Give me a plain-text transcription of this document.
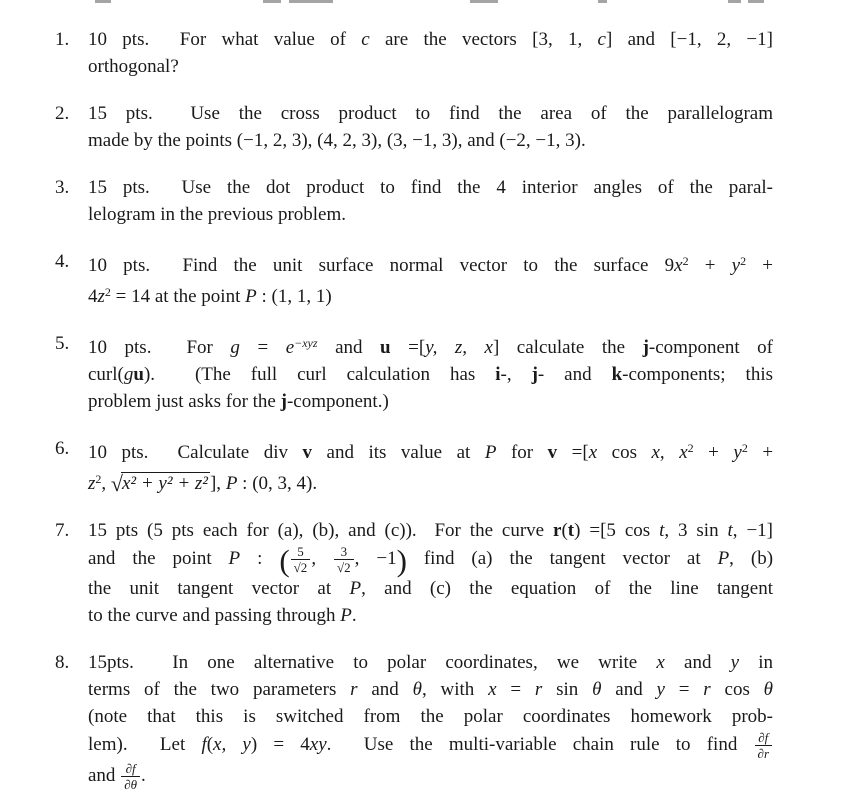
1. 10 pts.  For what value of c are the vectors [3, 1, c] and [−1, 2, −1]
orthogonal?
2. 15 pts.  Use the cross product to find the area of the parallelogram
made by the points (−1, 2, 3), (4, 2, 3), (3, −1, 3), and (−2, −1, 3).
3. 15 pts.  Use the dot product to find the 4 interior angles of the paral-
lelogram in the previous problem.
4. 10 pts.  Find the unit surface normal vector to the surface $9x^2 + y^2$ +
$4z^2 = 14$ at the point P : (1, 1, 1)
5. 10 pts.  For $g = e^{-xyz}$ and u =[y, z, x] calculate the j-component of
curl(gu).  (The full curl calculation has i-, j- and k-components; this
problem just asks for the j-component.)
6. 10 pts.  Calculate div v and its value at P for v =[x cos x, $x^2 + y^2$ +
$z^2$, √x² + y² + z² ], P : (0, 3, 4).
7. 15 pts (5 pts each for (a), (b), and (c)).  For the curve r(t) =[5 cos t, 3 sin t, −1]
and the point P : ( $\frac{5}{√2}$ , $\frac{3}{√2}$ , −1) find (a) the tangent vector at P, (b)
the unit tangent vector at P, and (c) the equation of the line tangent
to the curve and passing through P.
8. 15pts.  In one alternative to polar coordinates, we write x and y in
terms of the two parameters r and θ, with x = r sin θ and y = r cos θ
(note that this is switched from the polar coordinates homework prob-
lem).  Let f(x, y) = 4xy.  Use the multi-variable chain rule to find $\frac{\partial f}{\partial r}$
and $\frac{\partial f}{\partial\theta}$ .
